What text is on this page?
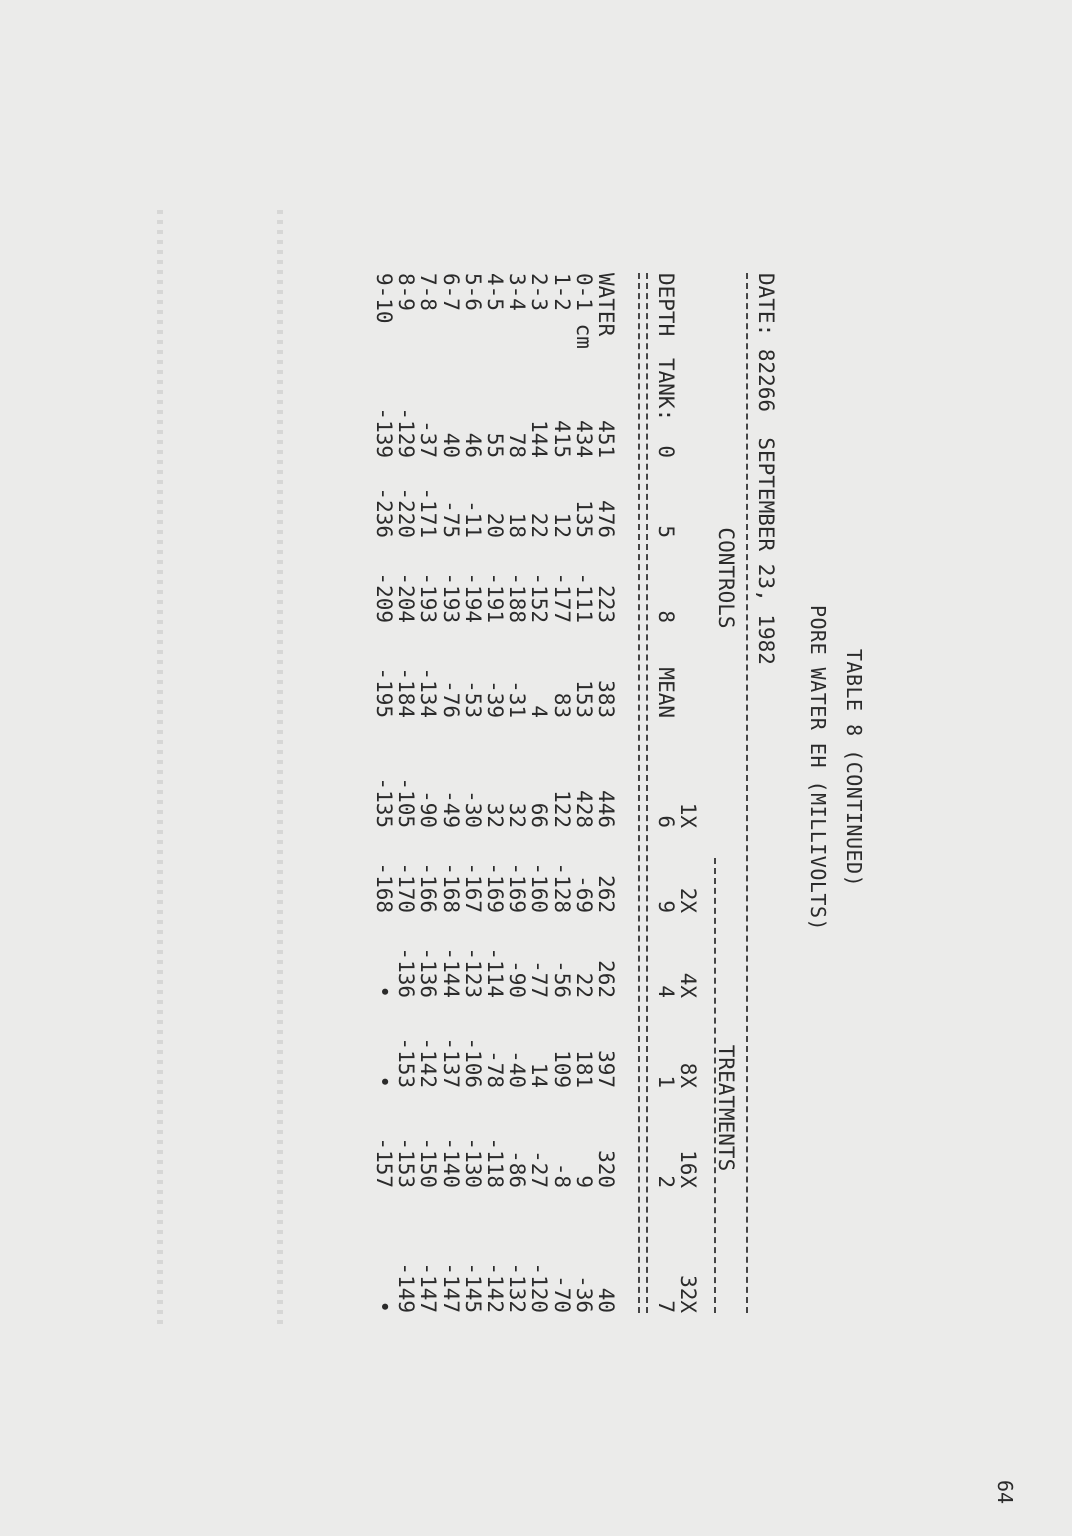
TABLE 8 (CONTINUED)
PORE WATER EH (MILLIVOLTS)
DATE: 82266  SEPTEMBER 23, 1982
CONTROLS
TREATMENTS
DEPTH
TANK:
1X
2X
4X
8X
16X
32X
0
5
8
MEAN
6
9
4
1
2
7
WATER
451
476
223
383
446
262
262
397
320
40
0-1 cm
434
135
-111
153
428
-69
22
181
9
-36
1-2
415
12
-177
83
122
-128
-56
109
-8
-70
2-3
144
22
-152
4
66
-160
-77
14
-27
-120
3-4
78
18
-188
-31
32
-169
-90
-40
-86
-132
4-5
55
20
-191
-39
32
-169
-114
-78
-118
-142
5-6
46
-11
-194
-53
-30
-167
-123
-106
-130
-145
6-7
40
-75
-193
-76
-49
-168
-144
-137
-140
-147
7-8
-37
-171
-193
-134
-90
-166
-136
-142
-150
-147
8-9
-129
-220
-204
-184
-105
-170
-136
-153
-153
-149
9-10
-139
-236
-209
-195
-135
-168
•
•
-157
•
64
